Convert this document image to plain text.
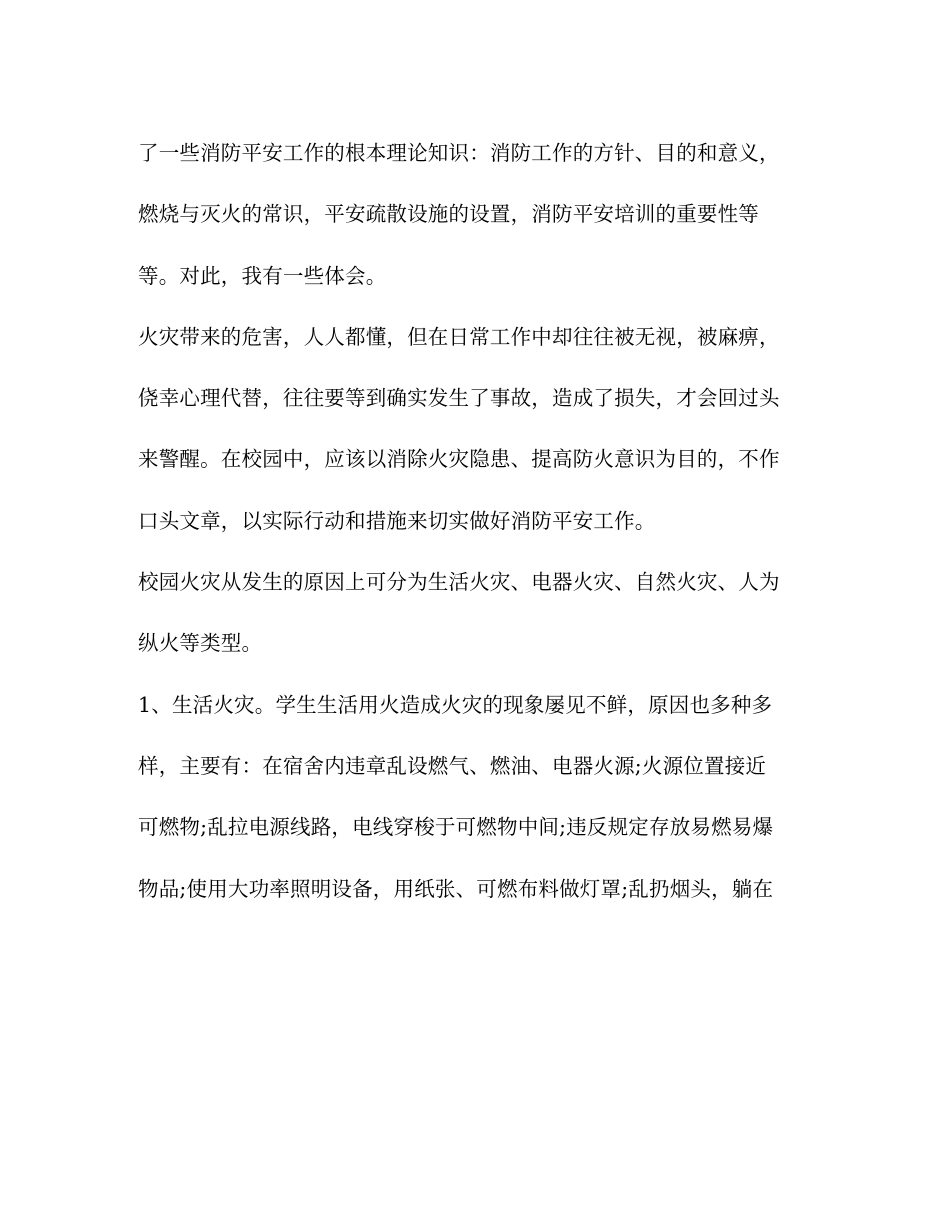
了一些消防平安工作的根本理论知识：消防工作的方针、目的和意义，
燃烧与灭火的常识，平安疏散设施的设置，消防平安培训的重要性等
等。对此，我有一些体会。
火灾带来的危害，人人都懂，但在日常工作中却往往被无视，被麻痹，
侥幸心理代替，往往要等到确实发生了事故，造成了损失，才会回过头
来警醒。在校园中，应该以消除火灾隐患、提高防火意识为目的，不作
口头文章，以实际行动和措施来切实做好消防平安工作。
校园火灾从发生的原因上可分为生活火灾、电器火灾、自然火灾、人为
纵火等类型。
1、生活火灾。学生生活用火造成火灾的现象屡见不鲜，原因也多种多
样，主要有：在宿舍内违章乱设燃气、燃油、电器火源;火源位置接近
可燃物;乱拉电源线路，电线穿梭于可燃物中间;违反规定存放易燃易爆
物品;使用大功率照明设备，用纸张、可燃布料做灯罩;乱扔烟头，躺在
